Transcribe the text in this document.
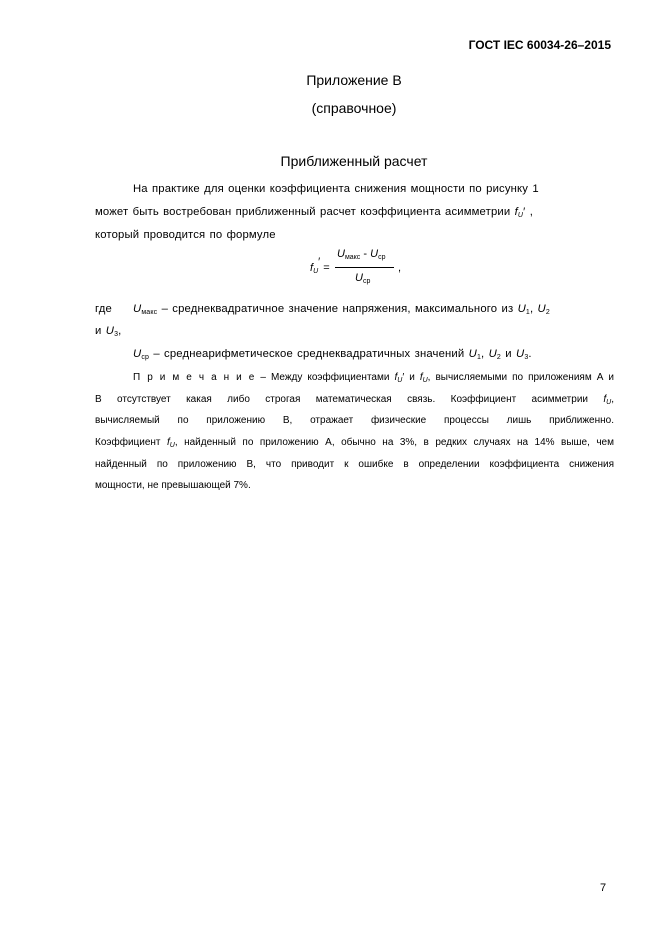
ГОСТ IEC 60034-26–2015
Приложение В
(справочное)
Приближенный расчет
На практике для оценки коэффициента снижения мощности по рисунку 1
может быть востребован приближенный расчет коэффициента асимметрии $f_U'$ ,
который проводится по формуле
$f_U'$ =
$U_{макс} - U_{ср}$
$U_{ср}$
,
где $U_{макс}$ – среднеквадратичное значение напряжения, максимального из $U_1$, $U_2$
и $U_3$,
$U_{ср}$ – среднеарифметическое среднеквадратичных значений $U_1$, $U_2$ и $U_3$.
П р и м е ч а н и е – Между коэффициентами $f_U'$ и $f_U$, вычисляемыми по приложениям А и
В отсутствует какая либо строгая математическая связь. Коэффициент асимметрии $f_U$,
вычисляемый по приложению В, отражает физические процессы лишь приближенно.
Коэффициент $f_U$, найденный по приложению А, обычно на 3%, в редких случаях на 14% выше, чем
найденный по приложению В, что приводит к ошибке в определении коэффициента снижения
мощности, не превышающей 7%.
7
